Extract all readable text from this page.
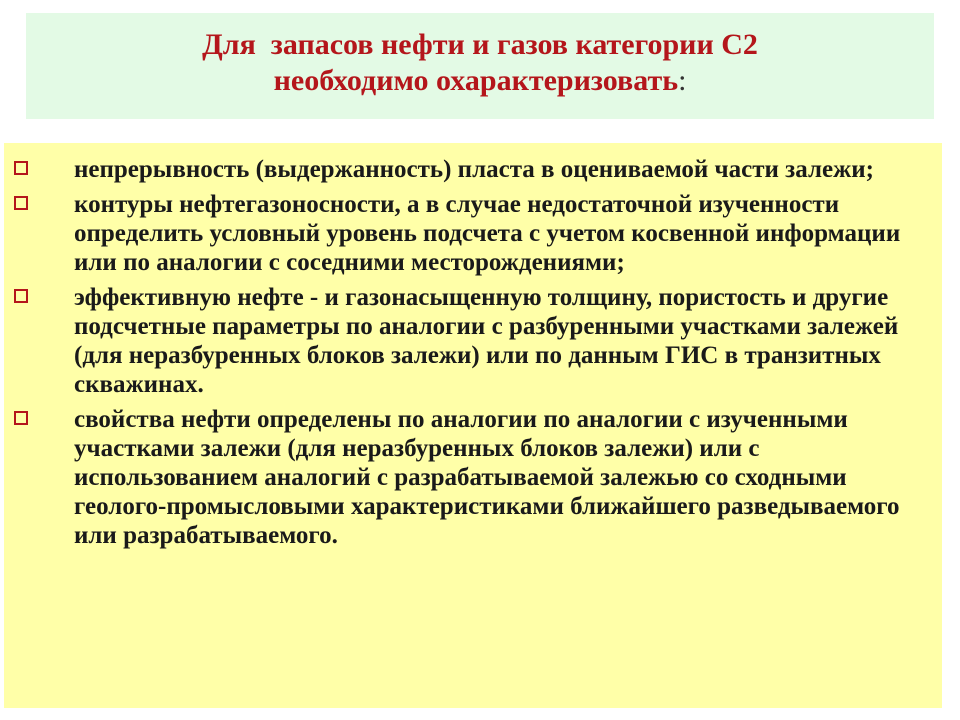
Для  запасов нефти и газов категории С2
необходимо охарактеризовать:
непрерывность (выдержанность) пласта в оцениваемой части залежи;
контуры нефтегазоносности, а в случае недостаточной изученности определить условный уровень подсчета с учетом косвенной информации или по аналогии с соседними месторождениями;
эффективную нефте - и газонасыщенную толщину, пористость и другие подсчетные параметры по аналогии с разбуренными участками залежей (для неразбуренных блоков залежи) или по данным ГИС в транзитных скважинах.
свойства нефти определены по аналогии по аналогии с изученными участками залежи (для неразбуренных блоков залежи) или с использованием аналогий с разрабатываемой залежью со сходными геолого-промысловыми характеристиками ближайшего разведываемого или разрабатываемого.
